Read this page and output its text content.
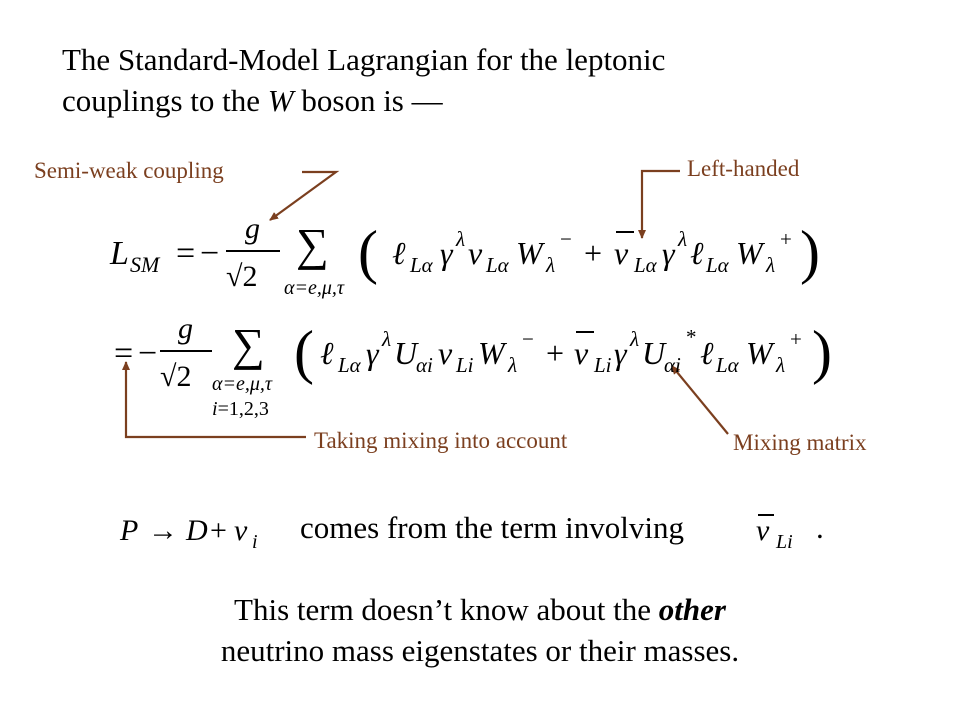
The Standard-Model Lagrangian for the leptonic
couplings to the W boson is —

Semi-weak coupling	Left-handed
Taking mixing into account	Mixing matrix
L SM = −
g
√2
∑
α=e,μ,τ
( ℓ Lα γ λ ν Lα W λ
− + ν Lα γ λ ℓ Lα W λ
+ )
= −
g
√2
∑
α=e,μ,τ
i=1,2,3
( ℓ Lα γ λ U
αi ν Li W λ
− + ν Li γ λ U
αi
* ℓ Lα W λ
+ )
P → D + ν i	ν Li
comes from the term involving	.
This term doesn’t know about the other
neutrino mass eigenstates or their masses.
